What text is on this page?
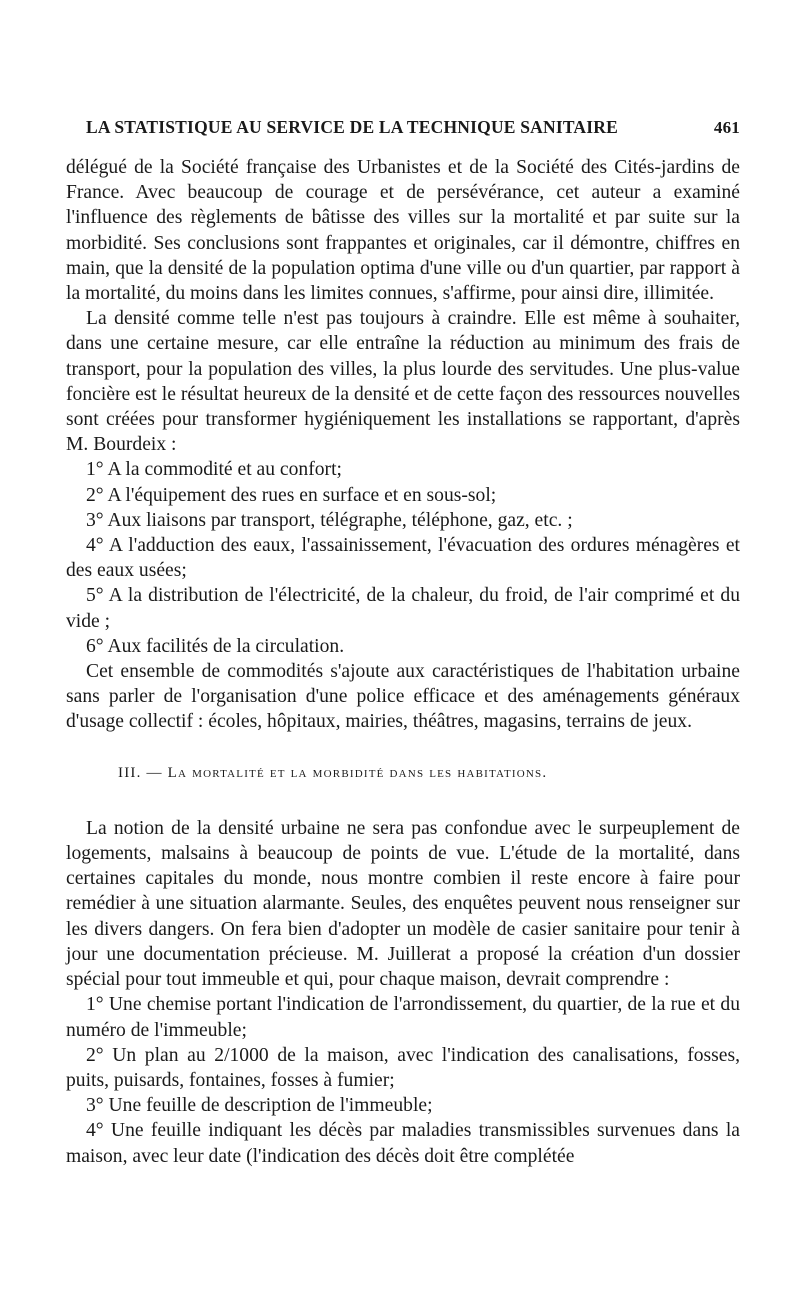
LA STATISTIQUE AU SERVICE DE LA TECHNIQUE SANITAIRE	461

délégué de la Société française des Urbanistes et de la Société des Cités-jardins de France. Avec beaucoup de courage et de persévérance, cet auteur a examiné l'influence des règlements de bâtisse des villes sur la mortalité et par suite sur la morbidité. Ses conclusions sont frappantes et originales, car il démontre, chiffres en main, que la densité de la population optima d'une ville ou d'un quartier, par rapport à la mortalité, du moins dans les limites connues, s'affirme, pour ainsi dire, illimitée.

La densité comme telle n'est pas toujours à craindre. Elle est même à souhaiter, dans une certaine mesure, car elle entraîne la réduction au minimum des frais de transport, pour la population des villes, la plus lourde des servitudes. Une plus-value foncière est le résultat heureux de la densité et de cette façon des ressources nouvelles sont créées pour transformer hygiéniquement les installations se rapportant, d'après M. Bourdeix :

1° A la commodité et au confort;

2° A l'équipement des rues en surface et en sous-sol;

3° Aux liaisons par transport, télégraphe, téléphone, gaz, etc. ;

4° A l'adduction des eaux, l'assainissement, l'évacuation des ordures ménagères et des eaux usées;

5° A la distribution de l'électricité, de la chaleur, du froid, de l'air comprimé et du vide ;

6° Aux facilités de la circulation.

Cet ensemble de commodités s'ajoute aux caractéristiques de l'habitation urbaine sans parler de l'organisation d'une police efficace et des aménagements généraux d'usage collectif : écoles, hôpitaux, mairies, théâtres, magasins, terrains de jeux.

III. — La mortalité et la morbidité dans les habitations.

La notion de la densité urbaine ne sera pas confondue avec le surpeuplement de logements, malsains à beaucoup de points de vue. L'étude de la mortalité, dans certaines capitales du monde, nous montre combien il reste encore à faire pour remédier à une situation alarmante. Seules, des enquêtes peuvent nous renseigner sur les divers dangers. On fera bien d'adopter un modèle de casier sanitaire pour tenir à jour une documentation précieuse. M. Juillerat a proposé la création d'un dossier spécial pour tout immeuble et qui, pour chaque maison, devrait comprendre :

1° Une chemise portant l'indication de l'arrondissement, du quartier, de la rue et du numéro de l'immeuble;

2° Un plan au 2/1000 de la maison, avec l'indication des canalisations, fosses, puits, puisards, fontaines, fosses à fumier;

3° Une feuille de description de l'immeuble;

4° Une feuille indiquant les décès par maladies transmissibles survenues dans la maison, avec leur date (l'indication des décès doit être complétée
